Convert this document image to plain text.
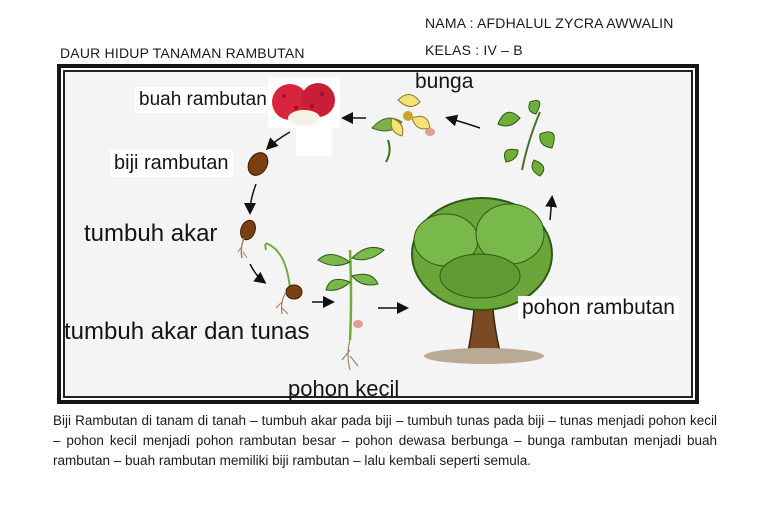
NAMA : AFDHALUL ZYCRA AWWALIN
KELAS : IV – B
DAUR HIDUP TANAMAN RAMBUTAN
buah rambutan
bunga
biji rambutan
tumbuh akar
tumbuh akar dan tunas
pohon kecil
pohon rambutan
Biji Rambutan di tanam di tanah – tumbuh akar pada biji – tumbuh tunas pada biji – tunas menjadi pohon kecil – pohon kecil menjadi pohon rambutan besar – pohon dewasa berbunga – bunga rambutan menjadi buah rambutan – buah rambutan memiliki biji rambutan – lalu kembali seperti semula.
